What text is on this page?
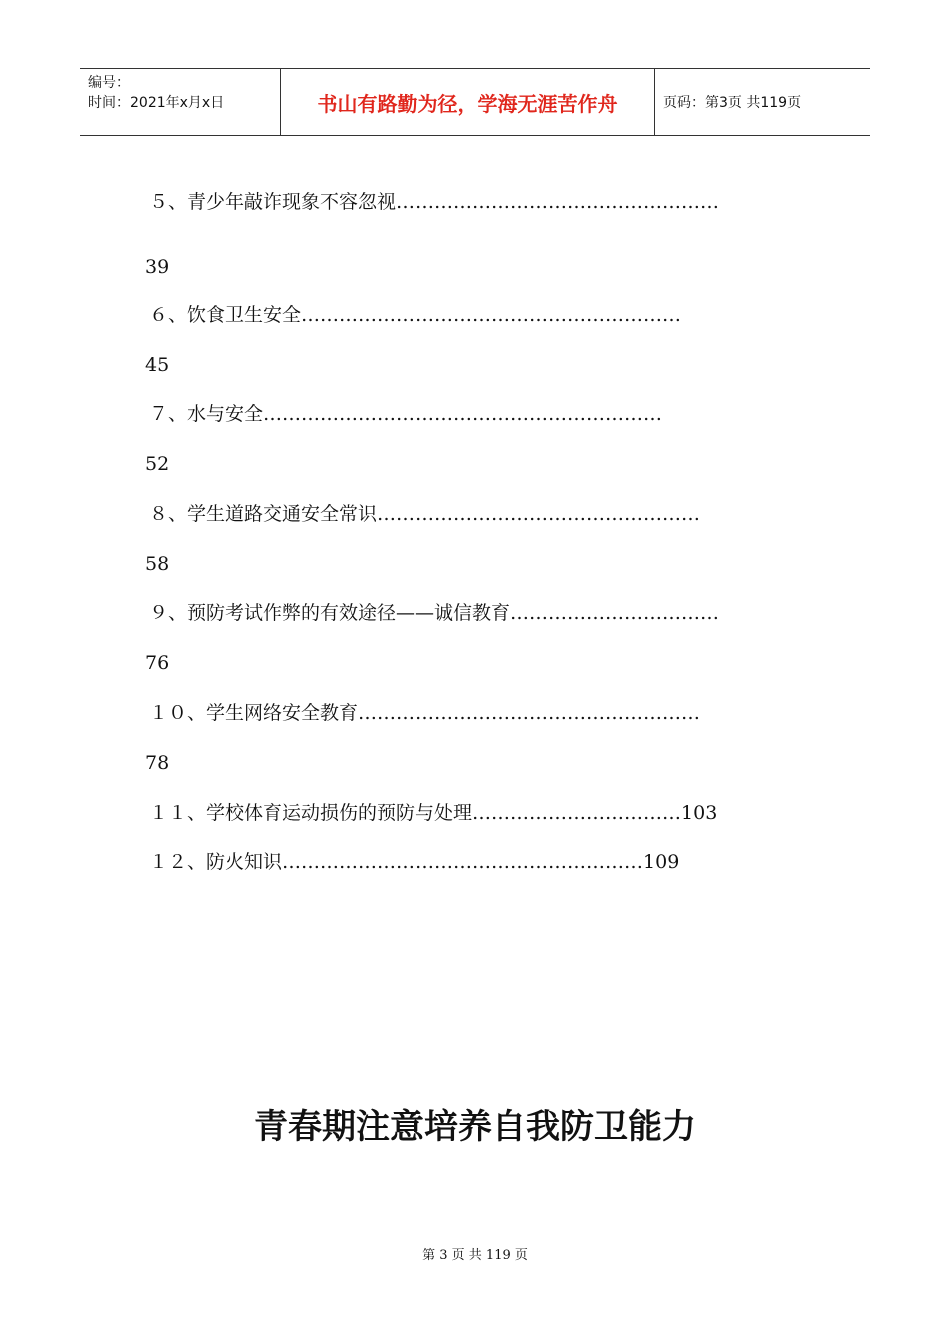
编号：
时间：2021年x月x日	书山有路勤为径，学海无涯苦作舟	页码：第3页 共119页
５、青少年敲诈现象不容忽视……………………………………………
39
６、饮食卫生安全……………………………………………………
45
７、水与安全………………………………………………………
52
８、学生道路交通安全常识……………………………………………
58
９、预防考试作弊的有效途径——诚信教育……………………………
76
１０、学生网络安全教育………………………………………………
78
１１、学校体育运动损伤的预防与处理……………………………103
１２、防火知识…………………………………………………109
青春期注意培养自我防卫能力
第 3 页 共 119 页
